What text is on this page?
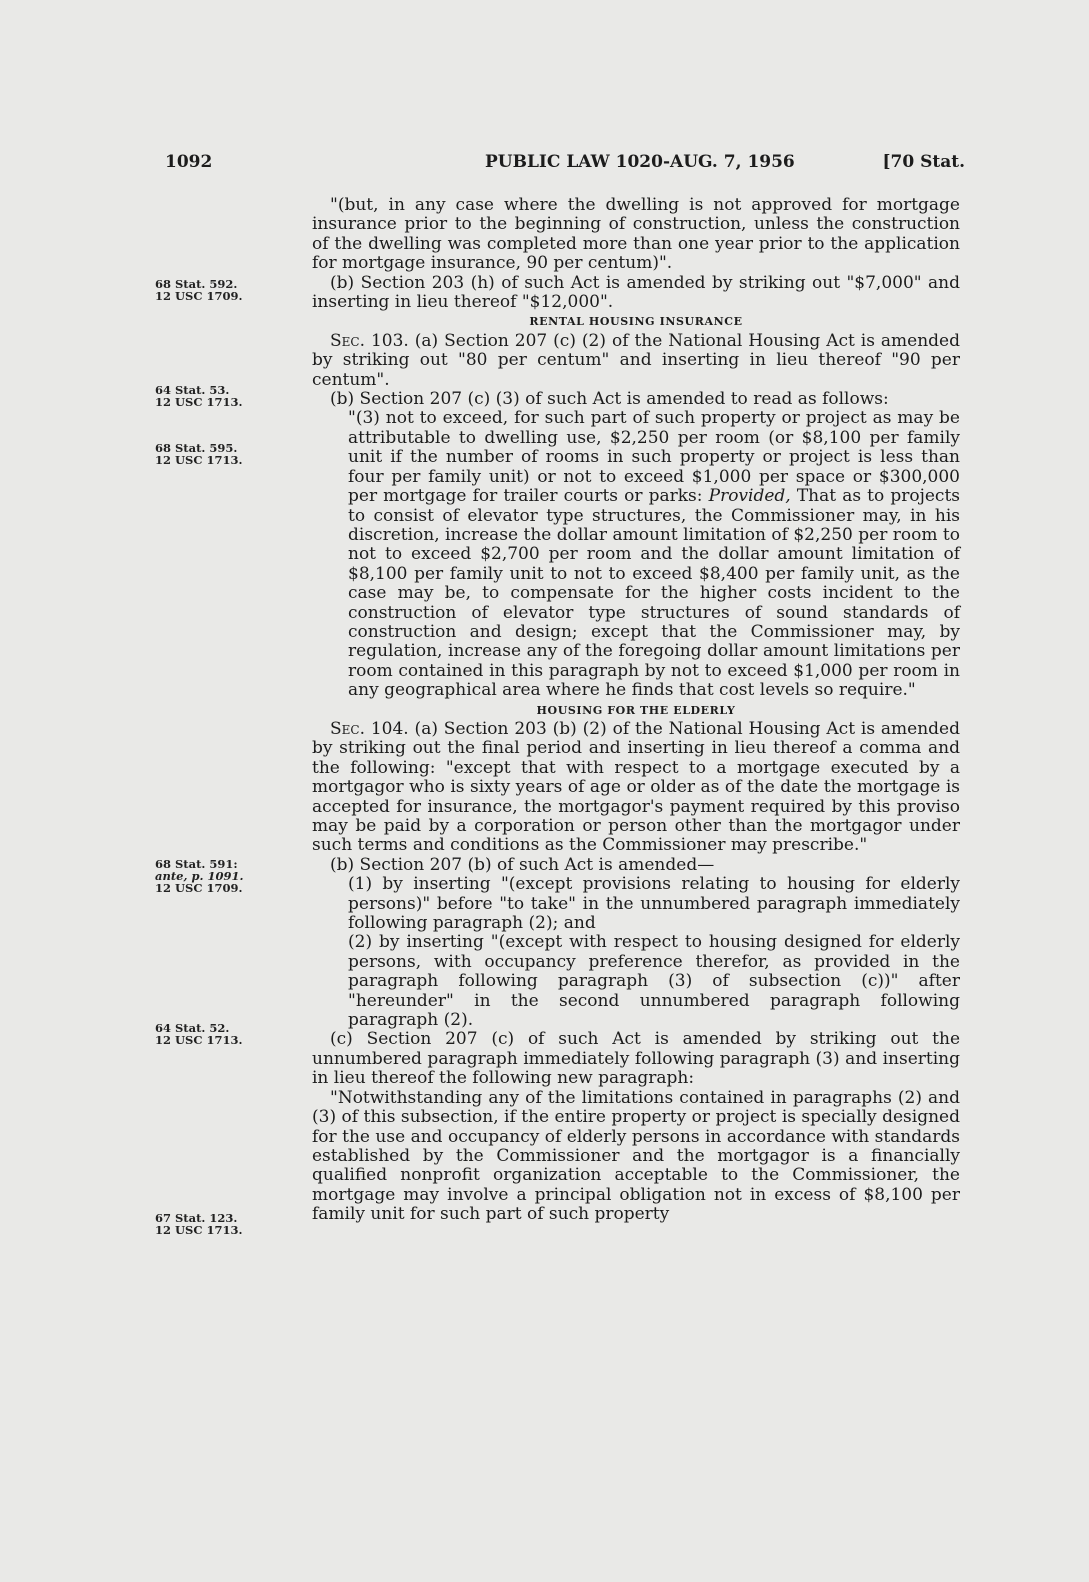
1092	PUBLIC LAW 1020-AUG. 7, 1956	[70 Stat.
68 Stat. 592.
12 USC 1709.
64 Stat. 53.
12 USC 1713.
68 Stat. 595.
12 USC 1713.
68 Stat. 591:
ante, p. 1091.
12 USC 1709.
64 Stat. 52.
12 USC 1713.
67 Stat. 123.
12 USC 1713.

"(but, in any case where the dwelling is not approved for mortgage insurance prior to the beginning of construction, unless the construction of the dwelling was completed more than one year prior to the application for mortgage insurance, 90 per centum)".

(b) Section 203 (h) of such Act is amended by striking out "$7,000" and inserting in lieu thereof "$12,000".

RENTAL HOUSING INSURANCE

Sec. 103. (a) Section 207 (c) (2) of the National Housing Act is amended by striking out "80 per centum" and inserting in lieu thereof "90 per centum".

(b) Section 207 (c) (3) of such Act is amended to read as follows:

"(3) not to exceed, for such part of such property or project as may be attributable to dwelling use, $2,250 per room (or $8,100 per family unit if the number of rooms in such property or project is less than four per family unit) or not to exceed $1,000 per space or $300,000 per mortgage for trailer courts or parks: Provided, That as to projects to consist of elevator type structures, the Commissioner may, in his discretion, increase the dollar amount limitation of $2,250 per room to not to exceed $2,700 per room and the dollar amount limitation of $8,100 per family unit to not to exceed $8,400 per family unit, as the case may be, to compensate for the higher costs incident to the construction of elevator type structures of sound standards of construction and design; except that the Commissioner may, by regulation, increase any of the foregoing dollar amount limitations per room contained in this paragraph by not to exceed $1,000 per room in any geographical area where he finds that cost levels so require."

HOUSING FOR THE ELDERLY

Sec. 104. (a) Section 203 (b) (2) of the National Housing Act is amended by striking out the final period and inserting in lieu thereof a comma and the following: "except that with respect to a mortgage executed by a mortgagor who is sixty years of age or older as of the date the mortgage is accepted for insurance, the mortgagor's payment required by this proviso may be paid by a corporation or person other than the mortgagor under such terms and conditions as the Commissioner may prescribe."

(b) Section 207 (b) of such Act is amended—

(1) by inserting "(except provisions relating to housing for elderly persons)" before "to take" in the unnumbered paragraph immediately following paragraph (2); and

(2) by inserting "(except with respect to housing designed for elderly persons, with occupancy preference therefor, as provided in the paragraph following paragraph (3) of subsection (c))" after "hereunder" in the second unnumbered paragraph following paragraph (2).

(c) Section 207 (c) of such Act is amended by striking out the unnumbered paragraph immediately following paragraph (3) and inserting in lieu thereof the following new paragraph:

"Notwithstanding any of the limitations contained in paragraphs (2) and (3) of this subsection, if the entire property or project is specially designed for the use and occupancy of elderly persons in accordance with standards established by the Commissioner and the mortgagor is a financially qualified nonprofit organization acceptable to the Commissioner, the mortgage may involve a principal obligation not in excess of $8,100 per family unit for such part of such property
